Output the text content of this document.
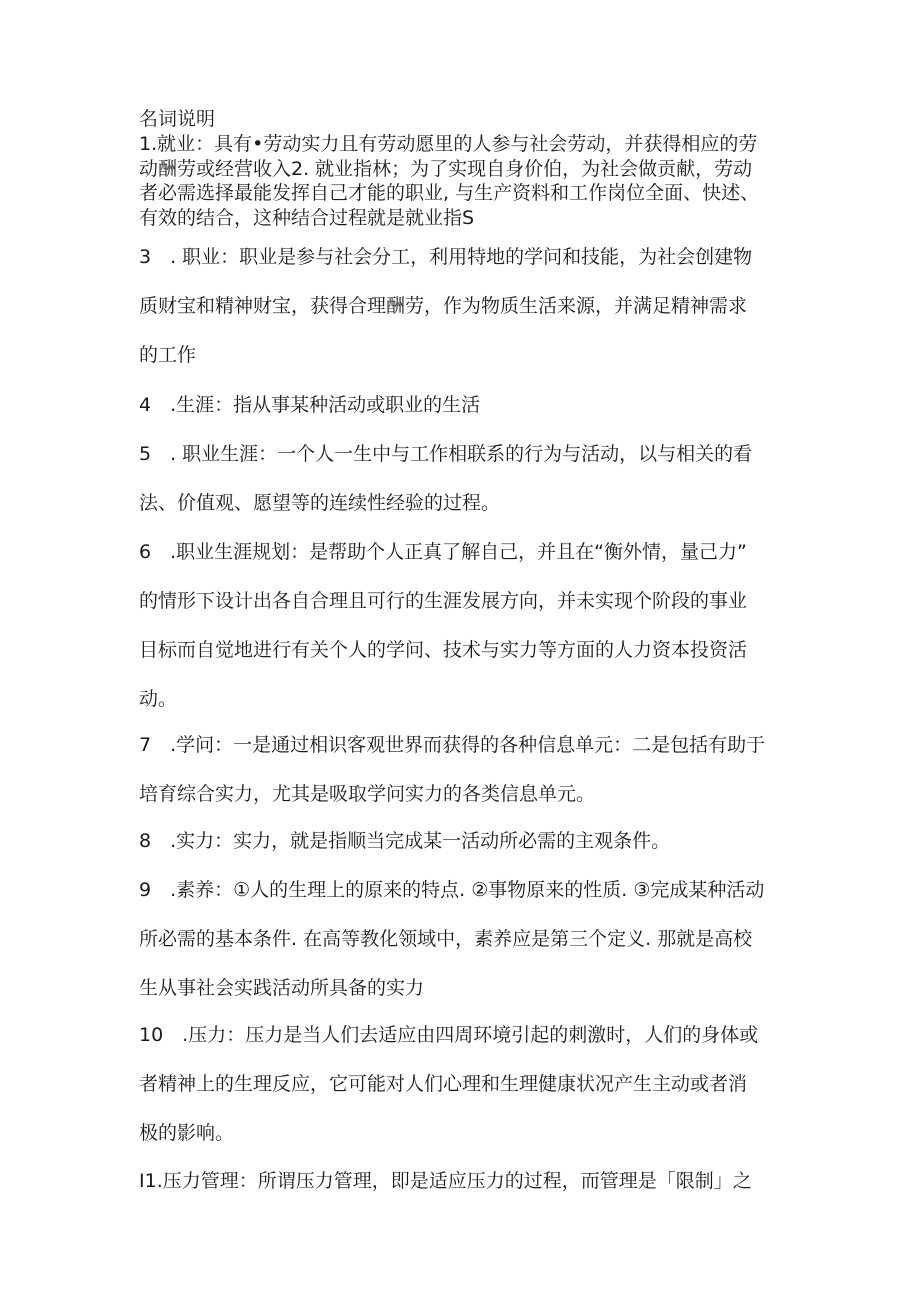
名词说明
1.就业：具有•劳动实力且有劳动愿里的人参与社会劳动，并获得相应的劳
动酬劳或经营收入2. 就业指林；为了实现自身价伯，为社会做贡献，劳动
者必需选择最能发挥自己才能的职业, 与生产资料和工作岗位全面、快述、
有效的结合，这种结合过程就是就业指S
3　. 职业：职业是参与社会分工，利用特地的学问和技能，为社会创建物
质财宝和精神财宝，获得合理酬劳，作为物质生活来源，并满足精神需求
的工作
4　.生涯：指从事某种活动或职业的生活
5　. 职业生涯：一个人一生中与工作相联系的行为与活动，以与相关的看
法、价值观、愿望等的连续性经验的过程。
6　.职业生涯规划：是帮助个人正真了解自己，并且在“衡外情，量己力”
的情形下设计出各自合理且可行的生涯发展方向，并未实现个阶段的事业
目标而自觉地进行有关个人的学问、技术与实力等方面的人力资本投资活
动。
7　.学问：一是通过相识客观世界而获得的各种信息单元：二是包括有助于
培育综合实力，尤其是吸取学问实力的各类信息单元。
8　.实力：实力，就是指顺当完成某一活动所必需的主观条件。
9　.素养：①人的生理上的原来的特点. ②事物原来的性质. ③完成某种活动
所必需的基本条件. 在高等教化领域中，素养应是第三个定义. 那就是高校
生从事社会实践活动所具备的实力
10　.压力：压力是当人们去适应由四周环境引起的刺激时，人们的身体或
者精神上的生理反应，它可能对人们心理和生理健康状况产生主动或者消
极的影响。
I1.压力管理：所谓压力管理，即是适应压力的过程，而管理是「限制」之
